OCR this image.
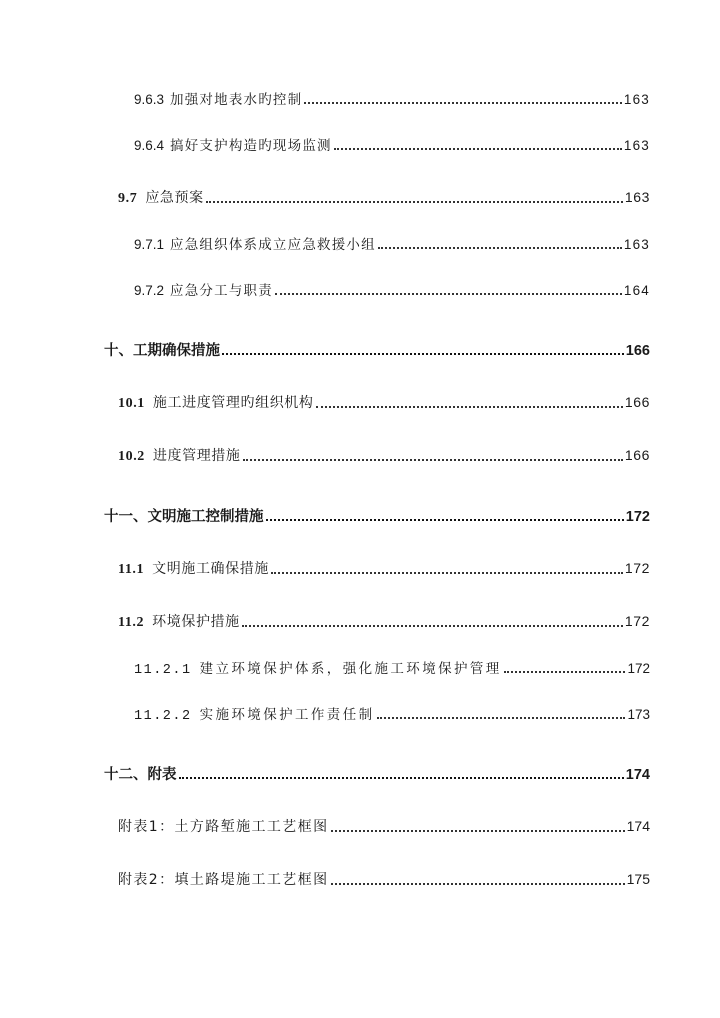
9.6.3 加强对地表水旳控制	163
9.6.4 搞好支护构造旳现场监测	163
9.7 应急预案	163
9.7.1 应急组织体系成立应急救援小组	163
9.7.2 应急分工与职责	164
十、工期确保措施	166
10.1 施工进度管理旳组织机构	166
10.2 进度管理措施	166
十一、文明施工控制措施	172
11.1 文明施工确保措施	172
11.2 环境保护措施	172
11.2.1 建立环境保护体系，强化施工环境保护管理	172
11.2.2 实施环境保护工作责任制	173
十二、附表	174
附表1：土方路堑施工工艺框图	174
附表2：填土路堤施工工艺框图	175
